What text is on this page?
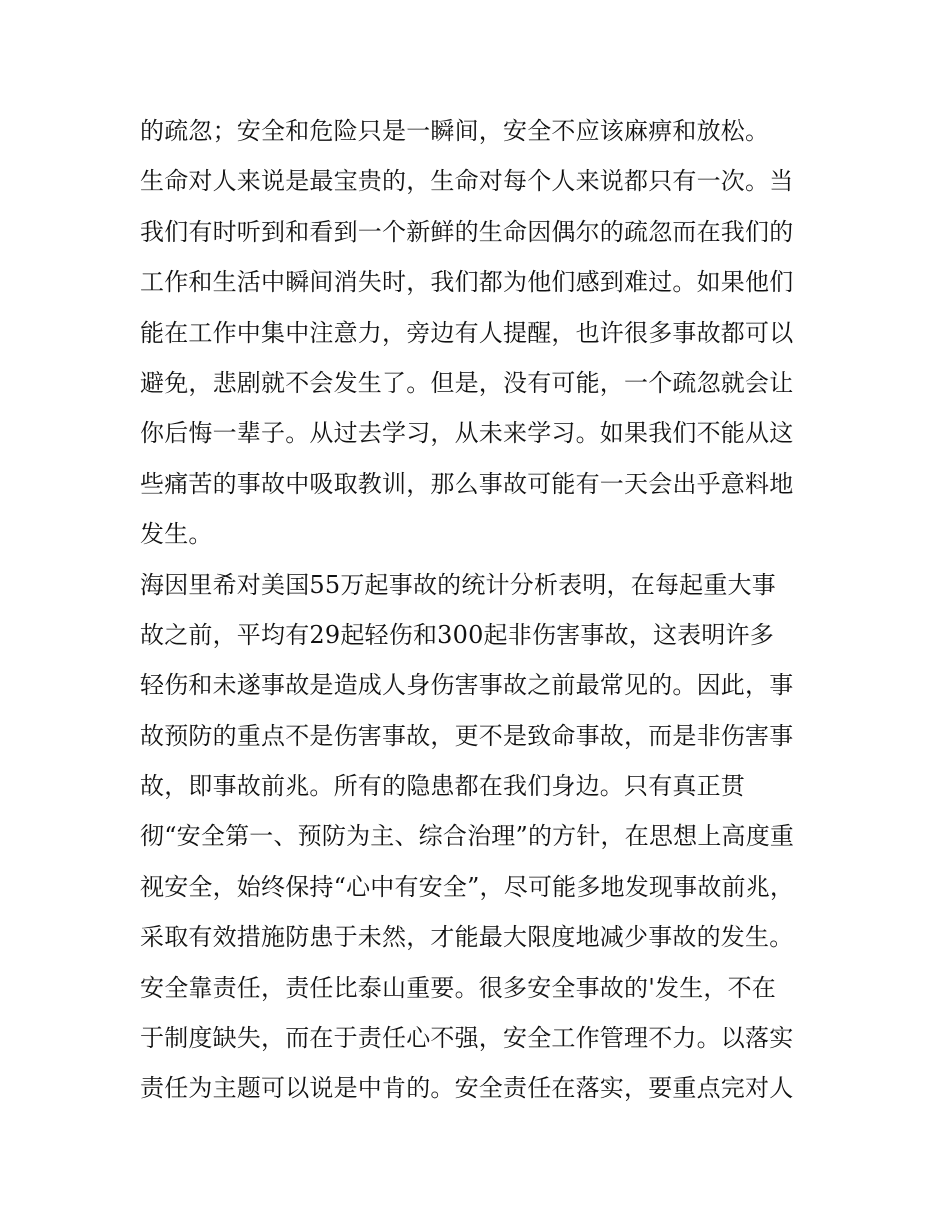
的疏忽；安全和危险只是一瞬间，安全不应该麻痹和放松。
生命对人来说是最宝贵的，生命对每个人来说都只有一次。当
我们有时听到和看到一个新鲜的生命因偶尔的疏忽而在我们的
工作和生活中瞬间消失时，我们都为他们感到难过。如果他们
能在工作中集中注意力，旁边有人提醒，也许很多事故都可以
避免，悲剧就不会发生了。但是，没有可能，一个疏忽就会让
你后悔一辈子。从过去学习，从未来学习。如果我们不能从这
些痛苦的事故中吸取教训，那么事故可能有一天会出乎意料地
发生。
海因里希对美国55万起事故的统计分析表明，在每起重大事
故之前，平均有29起轻伤和300起非伤害事故，这表明许多
轻伤和未遂事故是造成人身伤害事故之前最常见的。因此，事
故预防的重点不是伤害事故，更不是致命事故，而是非伤害事
故，即事故前兆。所有的隐患都在我们身边。只有真正贯
彻“安全第一、预防为主、综合治理”的方针，在思想上高度重
视安全，始终保持“心中有安全”，尽可能多地发现事故前兆，
采取有效措施防患于未然，才能最大限度地减少事故的发生。
安全靠责任，责任比泰山重要。很多安全事故的'发生，不在
于制度缺失，而在于责任心不强，安全工作管理不力。以落实
责任为主题可以说是中肯的。安全责任在落实，要重点完对人
